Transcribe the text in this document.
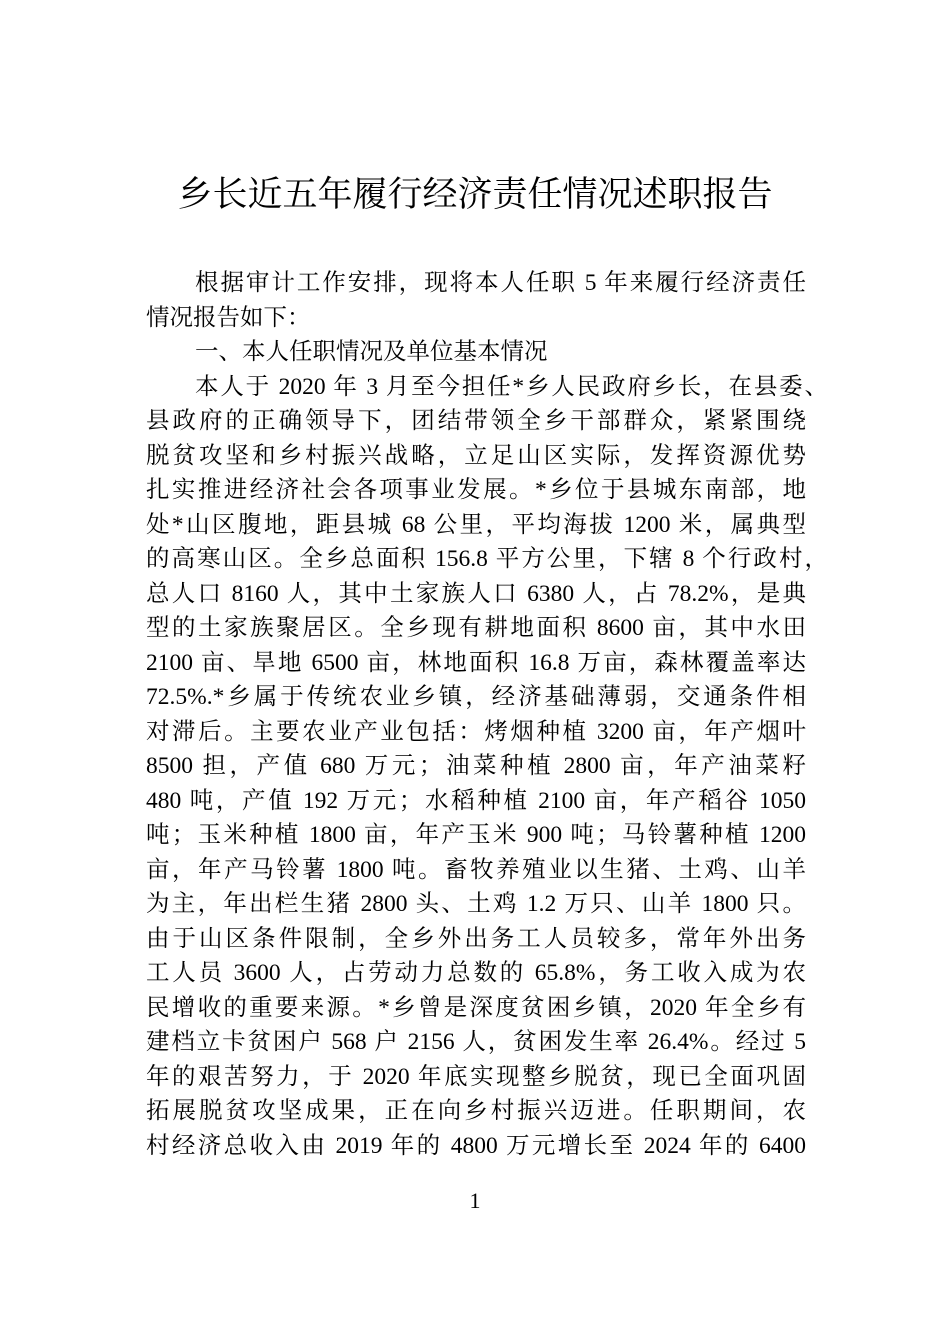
乡长近五年履行经济责任情况述职报告
根据审计工作安排，现将本人任职 5 年来履行经济责任
情况报告如下：
一、本人任职情况及单位基本情况
本人于 2020 年 3 月至今担任*乡人民政府乡长，在县委、
县政府的正确领导下，团结带领全乡干部群众，紧紧围绕
脱贫攻坚和乡村振兴战略，立足山区实际，发挥资源优势
扎实推进经济社会各项事业发展。*乡位于县城东南部，地
处*山区腹地，距县城 68 公里，平均海拔 1200 米，属典型
的高寒山区。全乡总面积 156.8 平方公里，下辖 8 个行政村，
总人口 8160 人，其中土家族人口 6380 人，占 78.2%，是典
型的土家族聚居区。全乡现有耕地面积 8600 亩，其中水田
2100 亩、旱地 6500 亩，林地面积 16.8 万亩，森林覆盖率达
72.5%.*乡属于传统农业乡镇，经济基础薄弱，交通条件相
对滞后。主要农业产业包括：烤烟种植 3200 亩，年产烟叶
8500 担，产值 680 万元；油菜种植 2800 亩，年产油菜籽
480 吨，产值 192 万元；水稻种植 2100 亩，年产稻谷 1050
吨；玉米种植 1800 亩，年产玉米 900 吨；马铃薯种植 1200
亩，年产马铃薯 1800 吨。畜牧养殖业以生猪、土鸡、山羊
为主，年出栏生猪 2800 头、土鸡 1.2 万只、山羊 1800 只。
由于山区条件限制，全乡外出务工人员较多，常年外出务
工人员 3600 人，占劳动力总数的 65.8%，务工收入成为农
民增收的重要来源。*乡曾是深度贫困乡镇，2020 年全乡有
建档立卡贫困户 568 户 2156 人，贫困发生率 26.4%。经过 5
年的艰苦努力，于 2020 年底实现整乡脱贫，现已全面巩固
拓展脱贫攻坚成果，正在向乡村振兴迈进。任职期间，农
村经济总收入由 2019 年的 4800 万元增长至 2024 年的 6400
1
